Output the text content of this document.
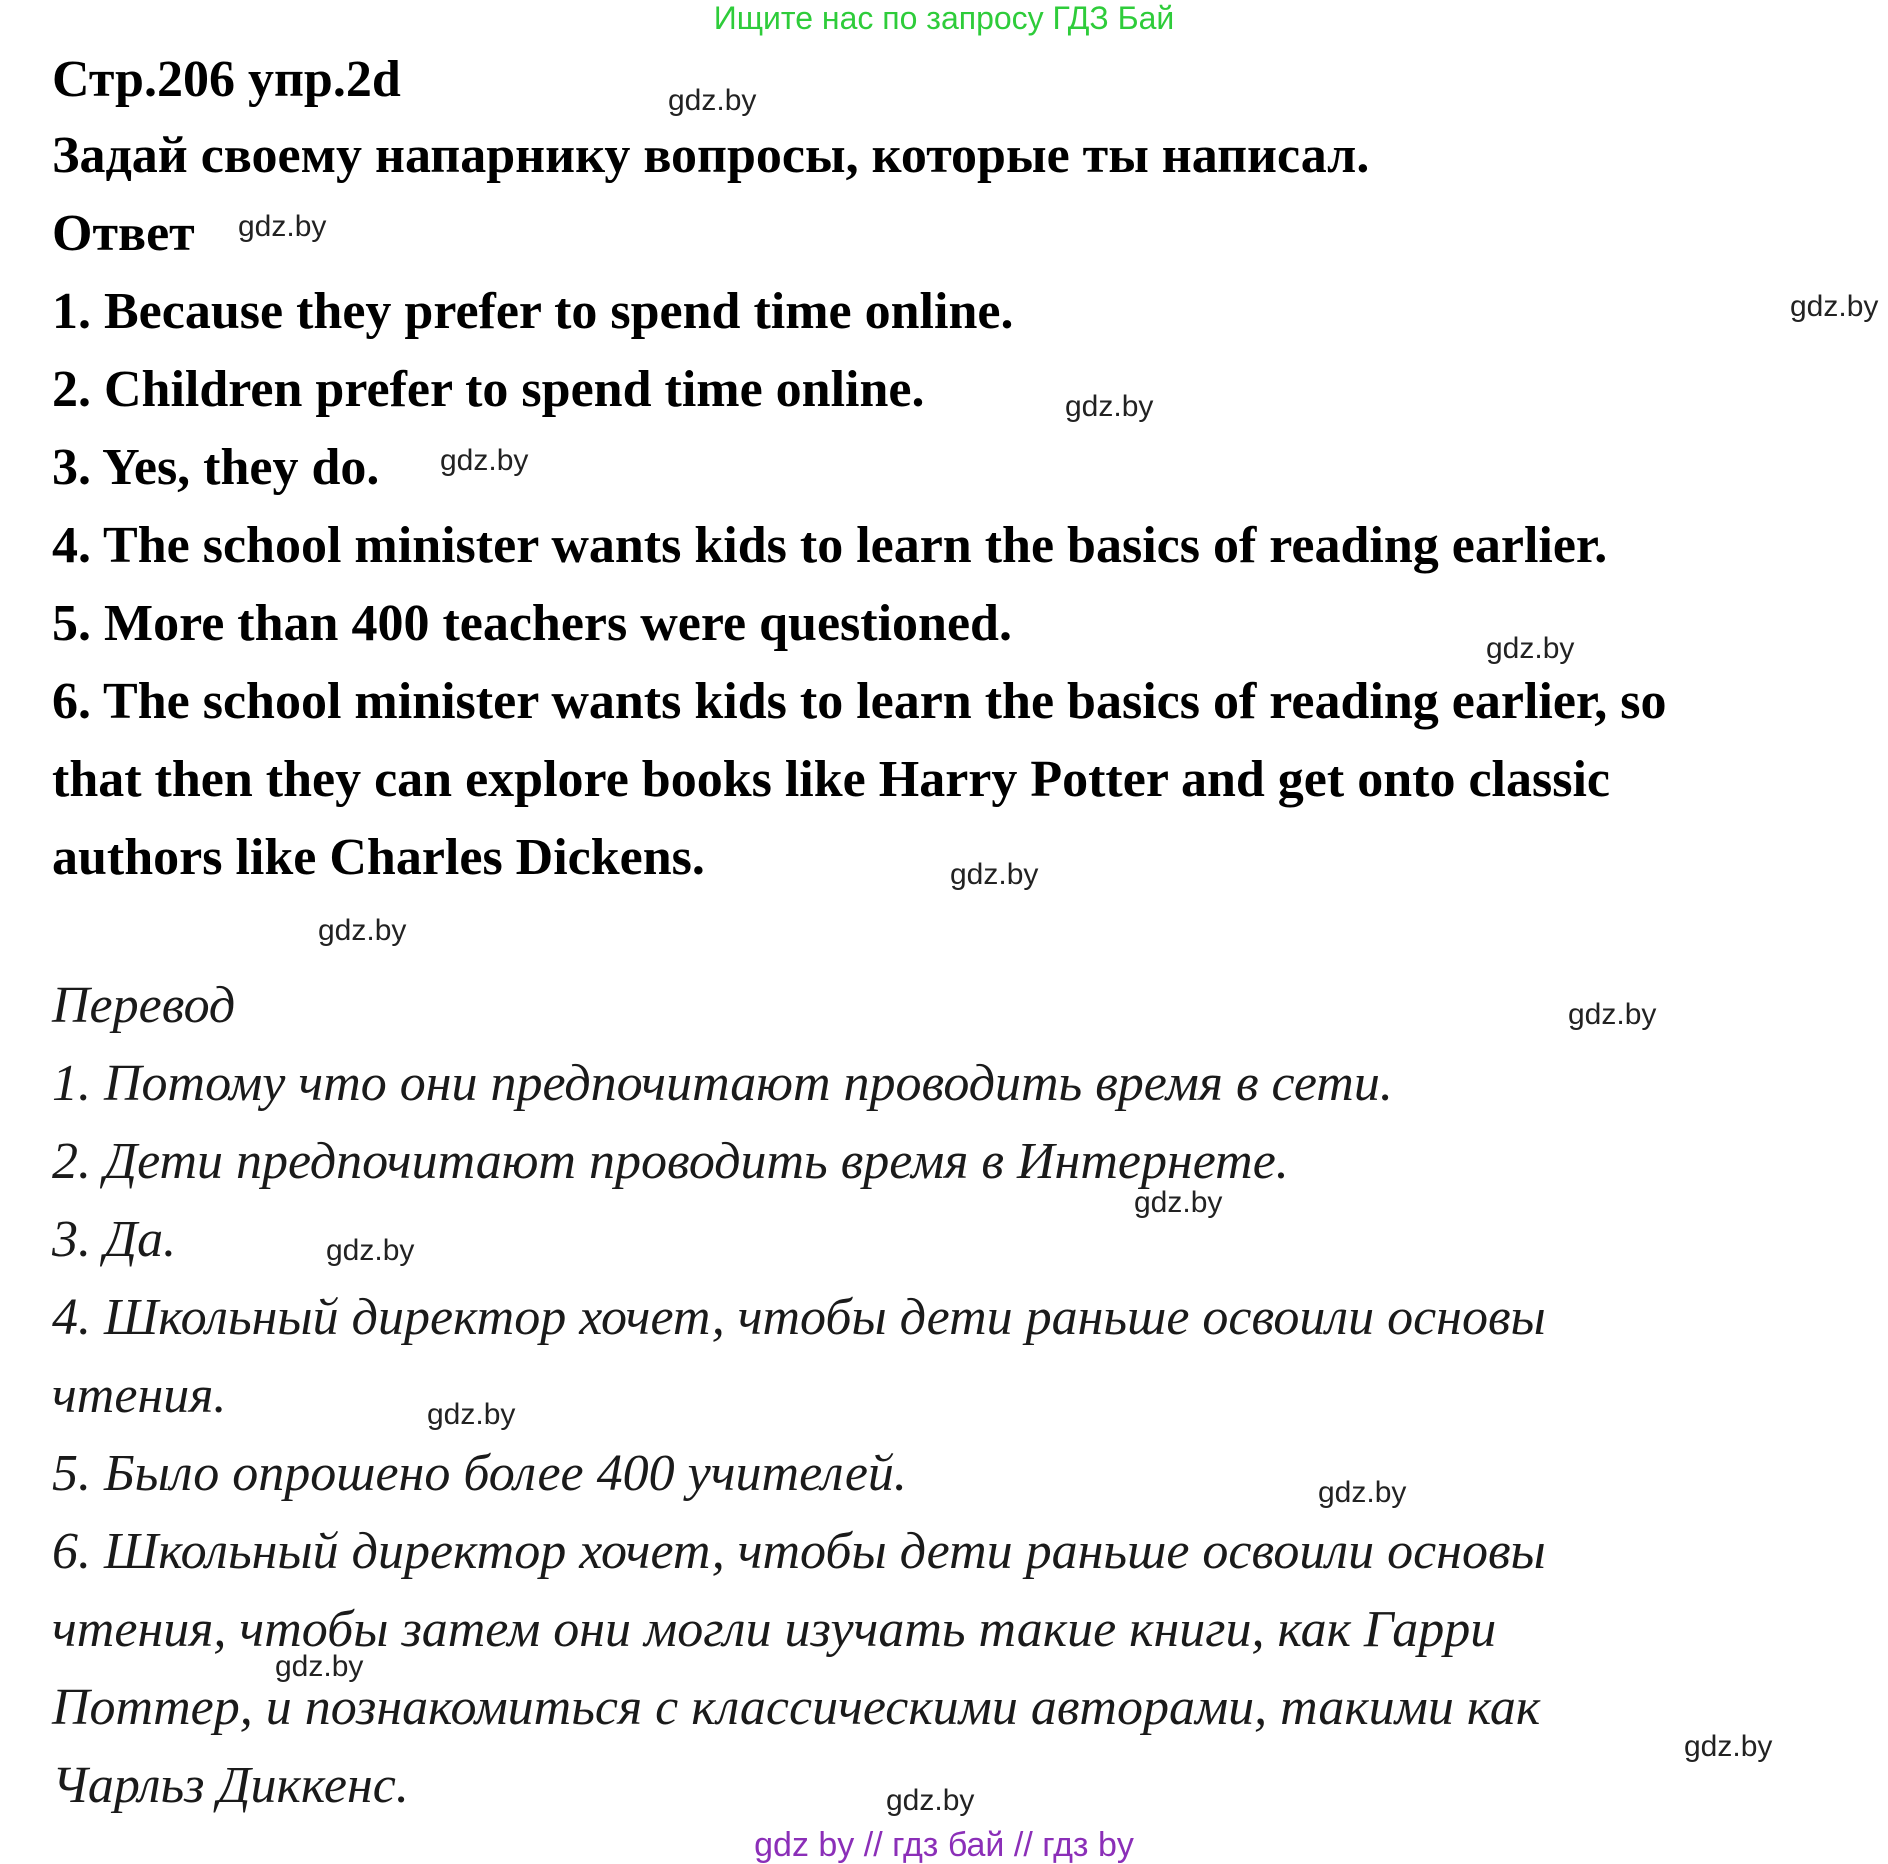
Ищите нас по запросу ГДЗ Бай
Стр.206 упр.2d
Задай своему напарнику вопросы, которые ты написал.
Ответ
1. Because they prefer to spend time online.
2. Children prefer to spend time online.
3. Yes, they do.
4. The school minister wants kids to learn the basics of reading earlier.
5. More than 400 teachers were questioned.
6. The school minister wants kids to learn the basics of reading earlier, so
that then they can explore books like Harry Potter and get onto classic
authors like Charles Dickens.
Перевод
1. Потому что они предпочитают проводить время в сети.
2. Дети предпочитают проводить время в Интернете.
3. Да.
4. Школьный директор хочет, чтобы дети раньше освоили основы
чтения.
5. Было опрошено более 400 учителей.
6. Школьный директор хочет, чтобы дети раньше освоили основы
чтения, чтобы затем они могли изучать такие книги, как Гарри
Поттер, и познакомиться с классическими авторами, такими как
Чарльз Диккенс.
gdz.by
gdz.by
gdz.by
gdz.by
gdz.by
gdz.by
gdz.by
gdz.by
gdz.by
gdz.by
gdz.by
gdz.by
gdz.by
gdz.by
gdz.by
gdz.by
gdz by // гдз бай // гдз by
